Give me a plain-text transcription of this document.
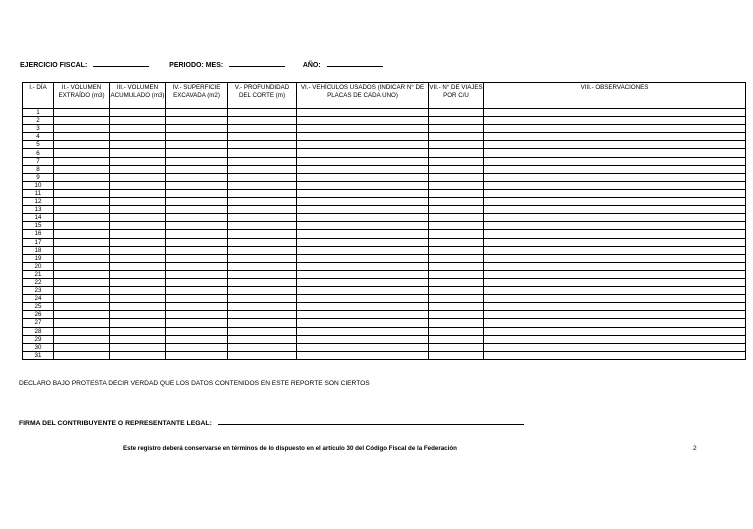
EJERCICIO FISCAL:	PERIODO: MES:	AÑO:
I.- DÍA	II.- VOLUMEN EXTRAÍDO (m3)	III.- VOLUMEN ACUMULADO (m3)	IV.- SUPERFICIE EXCAVADA (m2)	V.- PROFUNDIDAD DEL CORTE (m)	VI.- VEHÍCULOS USADOS (INDICAR N° DE PLACAS DE CADA UNO)	VII.- N° DE VIAJES POR C/U	VIII.- OBSERVACIONES
1							
2							
3							
4							
5							
6							
7							
8							
9							
10							
11							
12							
13							
14							
15							
16							
17							
18							
19							
20							
21							
22							
23							
24							
25							
26							
27							
28							
29							
30							
31							
DECLARO BAJO PROTESTA DECIR VERDAD QUE LOS DATOS CONTENIDOS EN ESTE REPORTE SON CIERTOS
FIRMA DEL CONTRIBUYENTE O REPRESENTANTE LEGAL:
Este registro deberá conservarse en términos de lo dispuesto en el artículo 30 del Código Fiscal de la Federación	2
